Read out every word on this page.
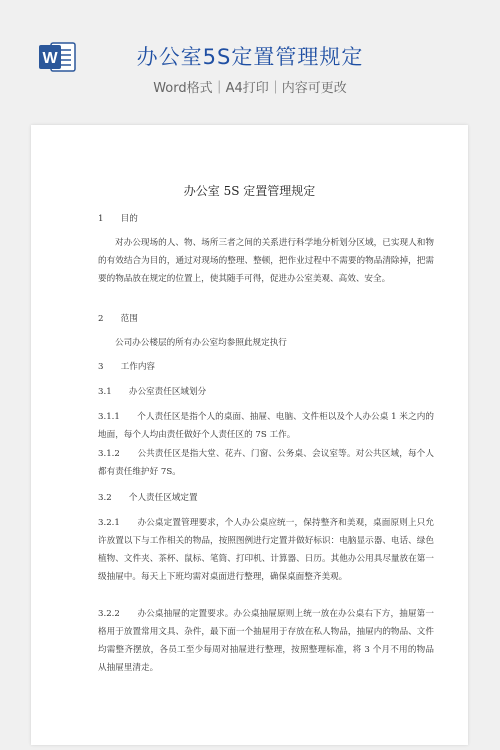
W	办公室5S定置管理规定
Word格式｜A4打印｜内容可更改
办公室 5S 定置管理规定
1　　目的
对办公现场的人、物、场所三者之间的关系进行科学地分析划分区域，已实现人和物的有效结合为目的，通过对现场的整理、整顿，把作业过程中不需要的物品清除掉，把需要的物品放在规定的位置上，使其随手可得，促进办公室美观、高效、安全。
2　　范围
公司办公楼层的所有办公室均参照此规定执行
3　　工作内容
3.1　　办公室责任区域划分
3.1.1　　个人责任区是指个人的桌面、抽屉、电脑、文件柜以及个人办公桌 1 米之内的地面，每个人均由责任做好个人责任区的 7S 工作。
3.1.2　　公共责任区是指大堂、花卉、门窗、公务桌、会议室等。对公共区域，每个人都有责任维护好 7S。
3.2　　个人责任区域定置
3.2.1　　办公桌定置管理要求，个人办公桌应统一，保持整齐和美观，桌面原则上只允许放置以下与工作相关的物品，按照图例进行定置并做好标识：电脑显示器、电话、绿色植物、文件夹、茶杯、鼠标、笔筒、打印机、计算器、日历。其他办公用具尽量放在第一级抽屉中。每天上下班均需对桌面进行整理，确保桌面整齐美观。
3.2.2　　办公桌抽屉的定置要求。办公桌抽屉原则上统一放在办公桌右下方，抽屉第一格用于放置常用文具、杂件，最下面一个抽屉用于存放在私人物品，抽屉内的物品、文件均需整齐摆放，各员工至少每周对抽屉进行整理，按照整理标准，将 3 个月不用的物品从抽屉里清走。
